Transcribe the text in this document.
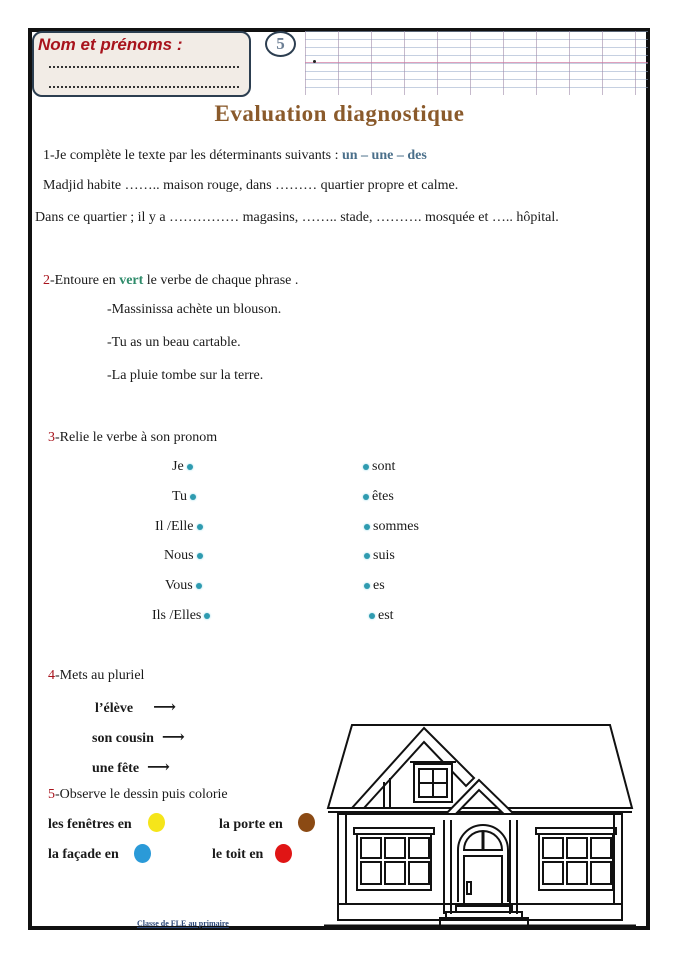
Nom et prénoms :	5
Evaluation diagnostique
1-Je complète le texte par les déterminants suivants : un – une – des
Madjid habite …….. maison rouge, dans ……… quartier propre et calme.
Dans ce quartier ; il y a …………… magasins, …….. stade, ………. mosquée et ….. hôpital.
2-Entoure en vert le verbe de chaque phrase .
-Massinissa achète un blouson.
-Tu as un beau cartable.
-La pluie tombe sur la terre.
3-Relie le verbe à son pronom
Je
Tu
Il /Elle
Nous
Vous
Ils /Elles
sont
êtes
sommes
suis
es
est
4-Mets au pluriel
l’élève ⟶
son cousin ⟶
une fête ⟶
5-Observe le dessin puis colorie
les fenêtres en	la porte en
la façade en	le toit en
Classe de FLE au primaire
